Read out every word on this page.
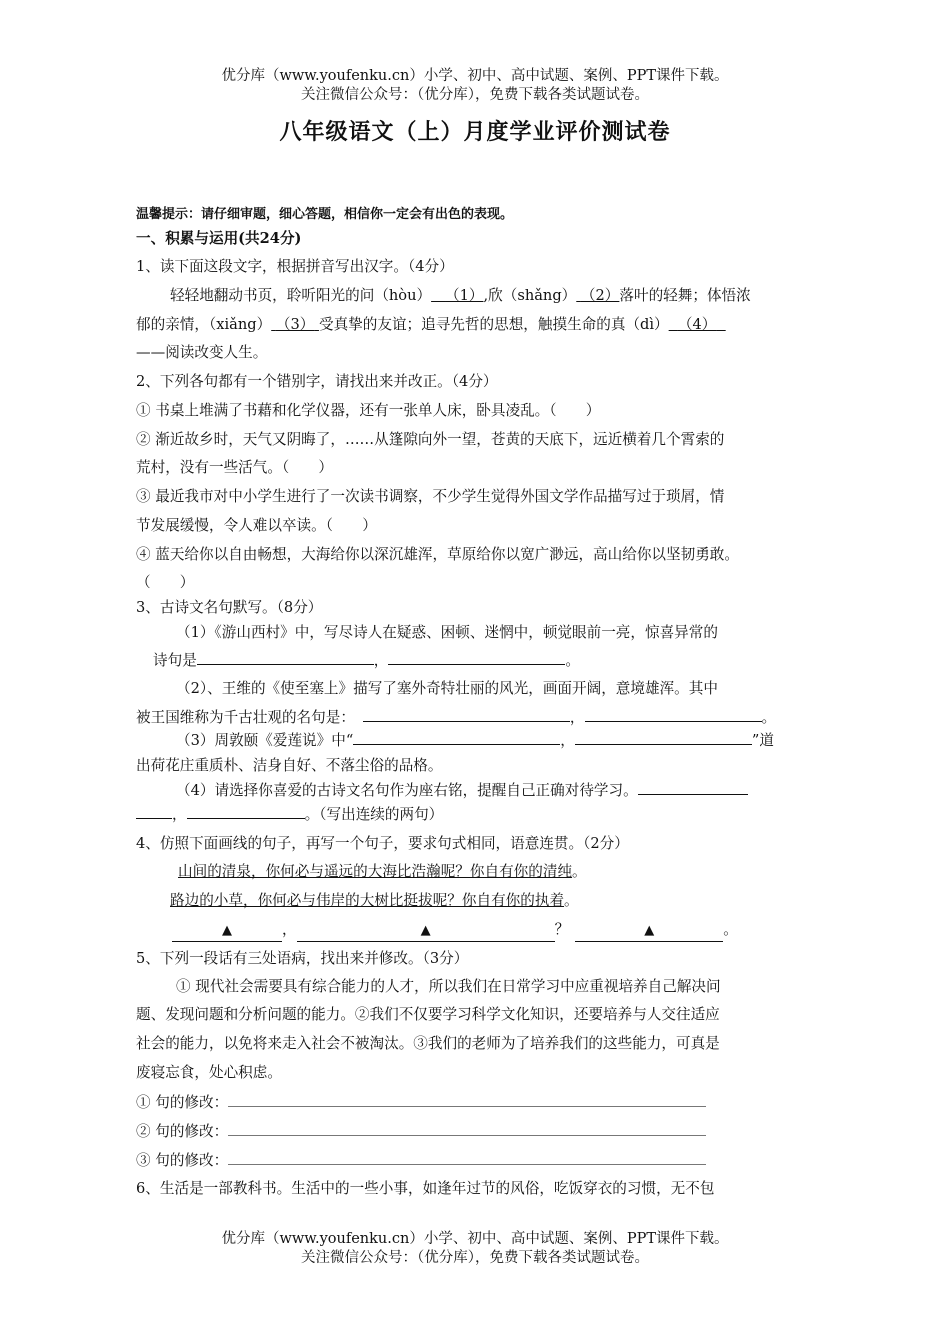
优分库（www.youfenku.cn）小学、初中、高中试题、案例、PPT课件下载。
关注微信公众号：（优分库），免费下载各类试题试卷。
八年级语文（上）月度学业评价测试卷
温馨提示：请仔细审题，细心答题，相信你一定会有出色的表现。
一、积累与运用(共24分)
1、读下面这段文字，根据拼音写出汉字。（4分）
轻轻地翻动书页，聆听阳光的问（hòu） （1）,欣（shǎng） （2）落叶的轻舞；体悟浓
郁的亲情，（xiǎng） （3） 受真挚的友谊；追寻先哲的思想，触摸生命的真（dì） （4）
——阅读改变人生。
2、下列各句都有一个错别字，请找出来并改正。（4分）
① 书桌上堆满了书藉和化学仪器，还有一张单人床，卧具凌乱。（　　）
② 渐近故乡时，天气又阴晦了，……从篷隙向外一望，苍黄的天底下，远近横着几个霄索的
荒村，没有一些活气。（　　）
③ 最近我市对中小学生进行了一次读书调察，不少学生觉得外国文学作品描写过于琐屑，情
节发展缓慢，令人难以卒读。（　　）
④ 蓝天给你以自由畅想，大海给你以深沉雄浑，草原给你以宽广渺远，高山给你以坚韧勇敢。
（　　）
3、古诗文名句默写。（8分）
（1）《游山西村》中，写尽诗人在疑惑、困顿、迷惘中，顿觉眼前一亮，惊喜异常的
诗句是	，	。
（2）、王维的《使至塞上》描写了塞外奇特壮丽的风光，画面开阔，意境雄浑。其中
被王国维称为千古壮观的名句是：	，	。
（3）周敦颐《爱莲说》中“	，	”道
出荷花庄重质朴、洁身自好、不落尘俗的品格。
（4）请选择你喜爱的古诗文名句作为座右铭，提醒自己正确对待学习。
，	。（写出连续的两句）
4、仿照下面画线的句子，再写一个句子，要求句式相同，语意连贯。（2分）
山间的清泉，你何必与遥远的大海比浩瀚呢？你自有你的清纯。
路边的小草，你何必与伟岸的大树比挺拔呢？你自有你的执着。
▲	，	▲	？	▲	。
5、下列一段话有三处语病，找出来并修改。（3分）
① 现代社会需要具有综合能力的人才，所以我们在日常学习中应重视培养自己解决问
题、发现问题和分析问题的能力。②我们不仅要学习科学文化知识，还要培养与人交往适应
社会的能力，以免将来走入社会不被淘汰。③我们的老师为了培养我们的这些能力，可真是
废寝忘食，处心积虑。
① 句的修改：
② 句的修改：
③ 句的修改：
6、生活是一部教科书。生活中的一些小事，如逢年过节的风俗，吃饭穿衣的习惯，无不包
优分库（www.youfenku.cn）小学、初中、高中试题、案例、PPT课件下载。
关注微信公众号：（优分库），免费下载各类试题试卷。
